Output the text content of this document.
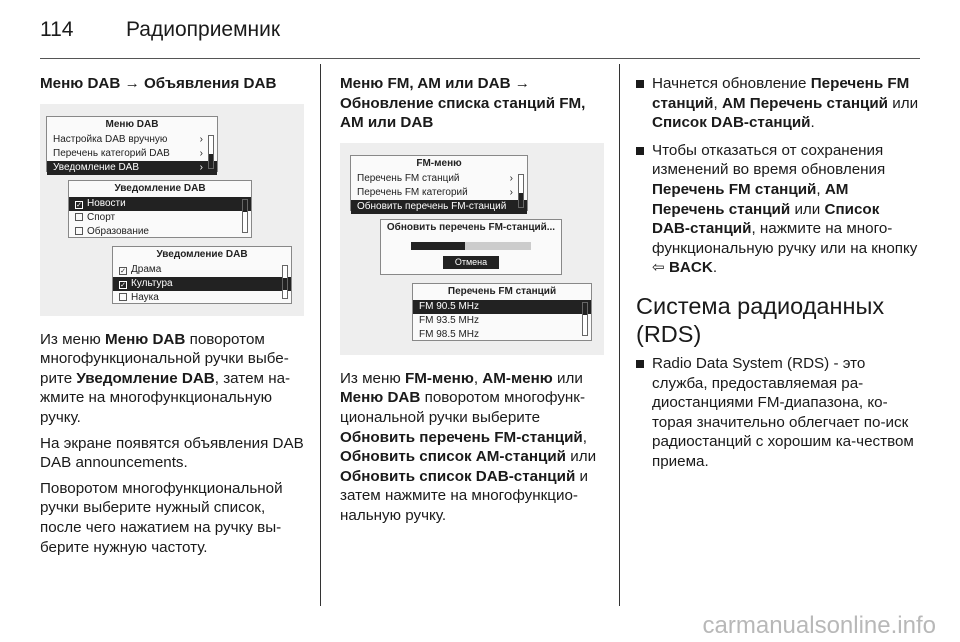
114	Радиоприемник
Меню DAB → Объявления DAB
Меню DAB
Настройка DAB вручную	›
Перечень категорий DAB	›
Уведомление DAB	›
Уведомление DAB
✓ Новости
Спорт
Образование
Уведомление DAB
✓ Драма
✓ Культура
Наука
Из меню Меню DAB поворотом многофункциональной ручки выбе-рите Уведомление DAB, затем на-жмите на многофункциональную ручку.
На экране появятся объявления DAB DAB announcements.
Поворотом многофункциональной ручки выберите нужный список, после чего нажатием на ручку вы-берите нужную частоту.
Меню FM, AM или DAB → Обновление списка станций FM, AM или DAB
FM-меню
Перечень FM станций	›
Перечень FM категорий	›
Обновить перечень FM-станций
Обновить перечень FM-станций...
Отмена
Перечень FM станций
FM 90.5 MHz
FM 93.5 MHz
FM 98.5 MHz
Из меню FM-меню, AM-меню или Меню DAB поворотом многофунк-циональной ручки выберите Обновить перечень FM-станций, Обновить список AM-станций или Обновить список DAB-станций и затем нажмите на многофункцио-нальную ручку.
Начнется обновление Перечень FM станций, AM Перечень станций или Список DAB-станций.
Чтобы отказаться от сохранения изменений во время обновления Перечень FM станций, AM Перечень станций или Список DAB-станций, нажмите на много-функциональную ручку или на кнопку ⇦ BACK.
Система радиоданных (RDS)
Radio Data System (RDS) - это служба, предоставляемая ра-диостанциями FM-диапазона, ко-торая значительно облегчает по-иск радиостанций с хорошим ка-чеством приема.
carmanualsonline.info
